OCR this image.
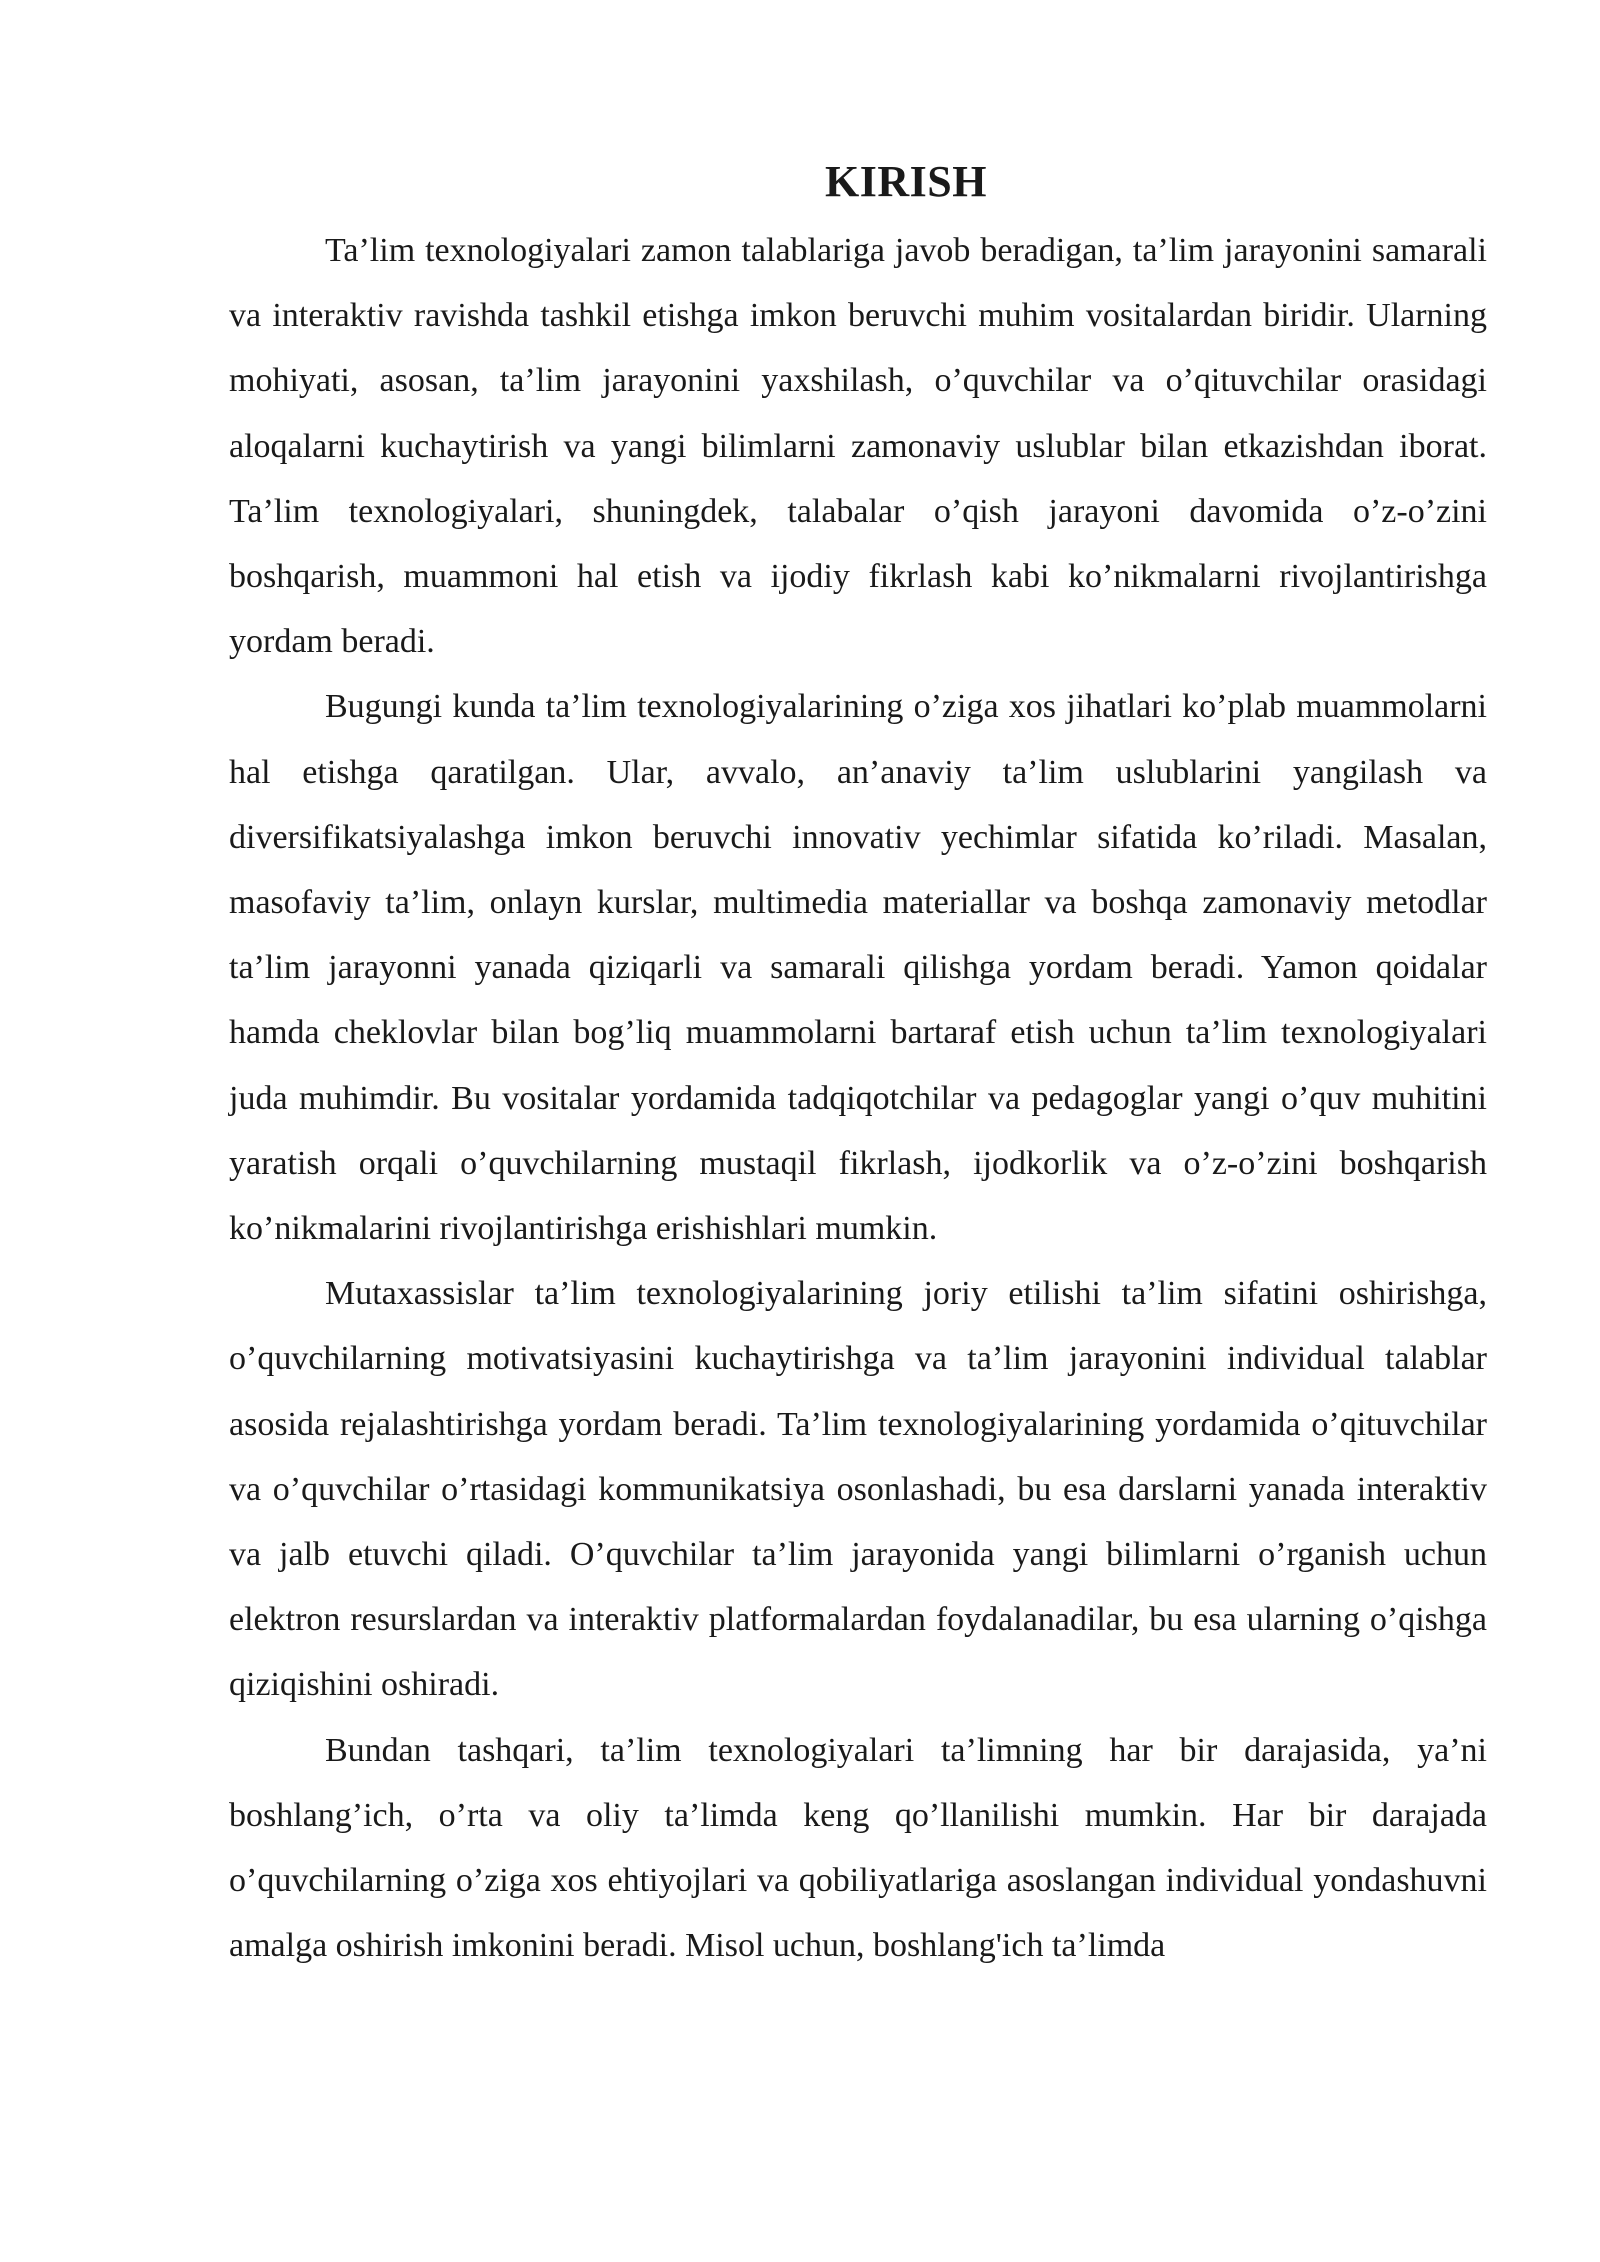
KIRISH

Ta’lim texnologiyalari zamon talablariga javob beradigan, ta’lim jarayonini samarali va interaktiv ravishda tashkil etishga imkon beruvchi muhim vositalardan biridir. Ularning mohiyati, asosan, ta’lim jarayonini yaxshilash, o’quvchilar va o’qituvchilar orasidagi aloqalarni kuchaytirish va yangi bilimlarni zamonaviy uslublar bilan etkazishdan iborat. Ta’lim texnologiyalari, shuningdek, talabalar o’qish jarayoni davomida o’z-o’zini boshqarish, muammoni hal etish va ijodiy fikrlash kabi ko’nikmalarni rivojlantirishga yordam beradi.

Bugungi kunda ta’lim texnologiyalarining o’ziga xos jihatlari ko’plab muammolarni hal etishga qaratilgan. Ular, avvalo, an’anaviy ta’lim uslublarini yangilash va diversifikatsiyalashga imkon beruvchi innovativ yechimlar sifatida ko’riladi. Masalan, masofaviy ta’lim, onlayn kurslar, multimedia materiallar va boshqa zamonaviy metodlar ta’lim jarayonni yanada qiziqarli va samarali qilishga yordam beradi. Yamon qoidalar hamda cheklovlar bilan bog’liq muammolarni bartaraf etish uchun ta’lim texnologiyalari juda muhimdir. Bu vositalar yordamida tadqiqotchilar va pedagoglar yangi o’quv muhitini yaratish orqali o’quvchilarning mustaqil fikrlash, ijodkorlik va o’z-o’zini boshqarish ko’nikmalarini rivojlantirishga erishishlari mumkin.

Mutaxassislar ta’lim texnologiyalarining joriy etilishi ta’lim sifatini oshirishga, o’quvchilarning motivatsiyasini kuchaytirishga va ta’lim jarayonini individual talablar asosida rejalashtirishga yordam beradi. Ta’lim texnologiyalarining yordamida o’qituvchilar va o’quvchilar o’rtasidagi kommunikatsiya osonlashadi, bu esa darslarni yanada interaktiv va jalb etuvchi qiladi. O’quvchilar ta’lim jarayonida yangi bilimlarni o’rganish uchun elektron resurslardan va interaktiv platformalardan foydalanadilar, bu esa ularning o’qishga qiziqishini oshiradi.

Bundan tashqari, ta’lim texnologiyalari ta’limning har bir darajasida, ya’ni boshlang’ich, o’rta va oliy ta’limda keng qo’llanilishi mumkin. Har bir darajada o’quvchilarning o’ziga xos ehtiyojlari va qobiliyatlariga asoslangan individual yondashuvni amalga oshirish imkonini beradi. Misol uchun, boshlang'ich ta’limda
